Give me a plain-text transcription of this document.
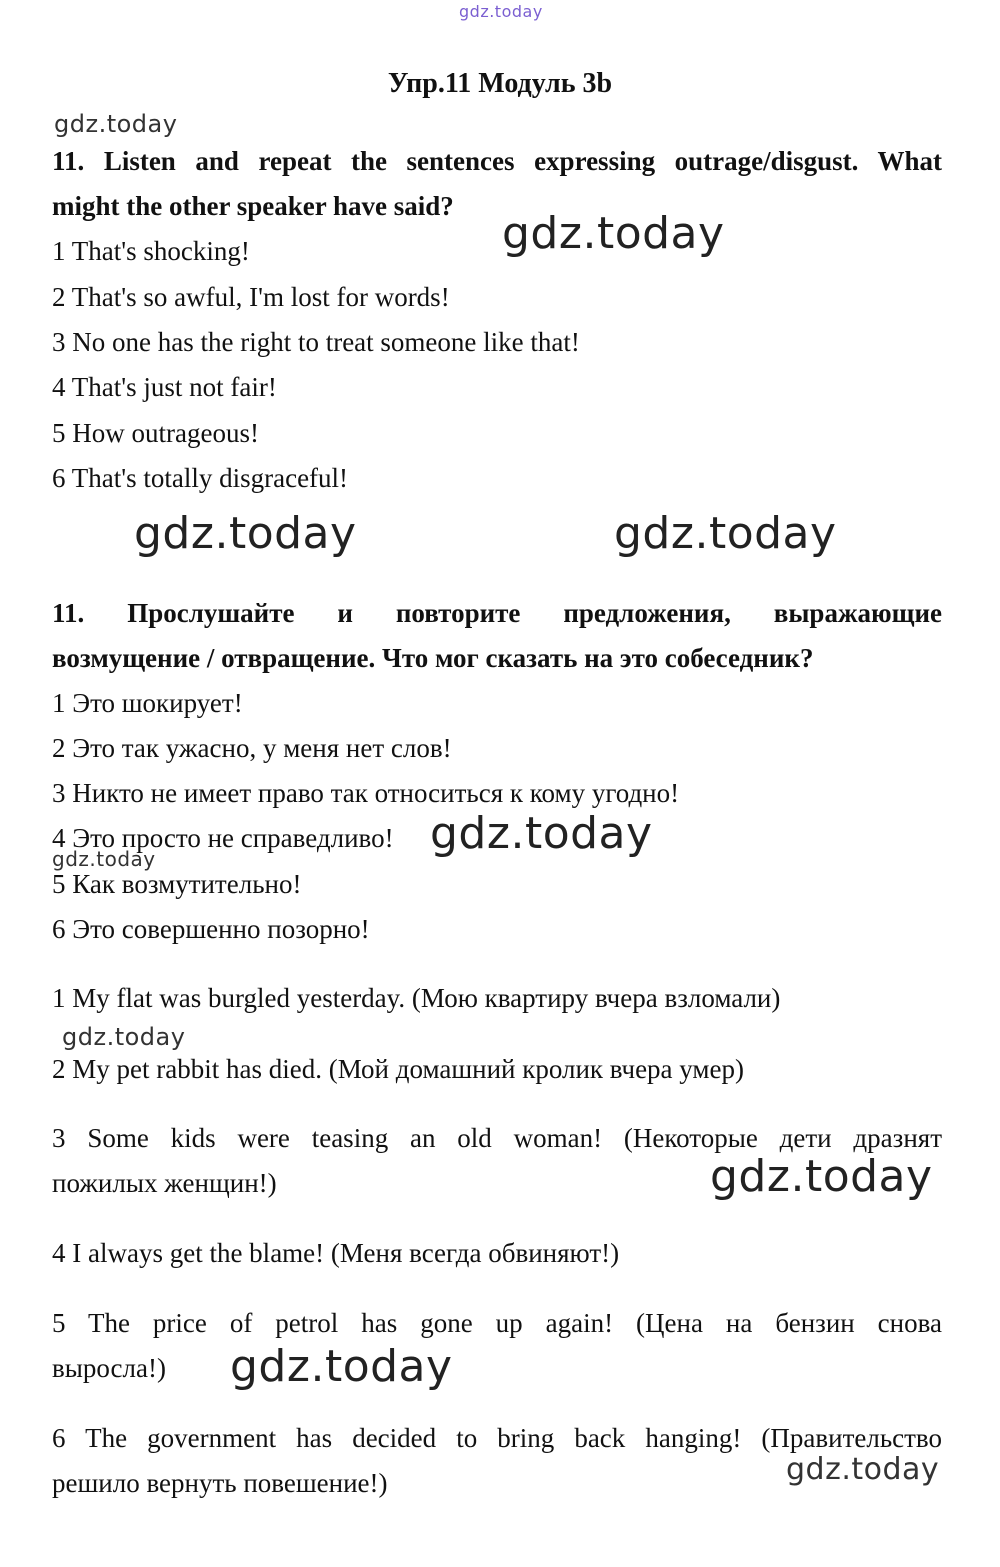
gdz.today
gdz.today
gdz.today
gdz.today	gdz.today
gdz.today
gdz.today
gdz.today
gdz.today
gdz.today
gdz.today
Упр.11 Модуль 3b
11. Listen and repeat the sentences expressing outrage/disgust. What
might the other speaker have said?
1 That's shocking!
2 That's so awful, I'm lost for words!
3 No one has the right to treat someone like that!
4 That's just not fair!
5 How outrageous!
6 That's totally disgraceful!
11. Прослушайте и повторите предложения, выражающие
возмущение / отвращение. Что мог сказать на это собеседник?
1 Это шокирует!
2 Это так ужасно, у меня нет слов!
3 Никто не имеет право так относиться к кому угодно!
4 Это просто не справедливо!
5 Как возмутительно!
6 Это совершенно позорно!
1 My flat was burgled yesterday. (Мою квартиру вчера взломали)
2 My pet rabbit has died. (Мой домашний кролик вчера умер)
3 Some kids were teasing an old woman! (Некоторые дети дразнят
пожилых женщин!)
4 I always get the blame! (Меня всегда обвиняют!)
5 The price of petrol has gone up again! (Цена на бензин снова
выросла!)
6 The government has decided to bring back hanging! (Правительство
решило вернуть повешение!)
